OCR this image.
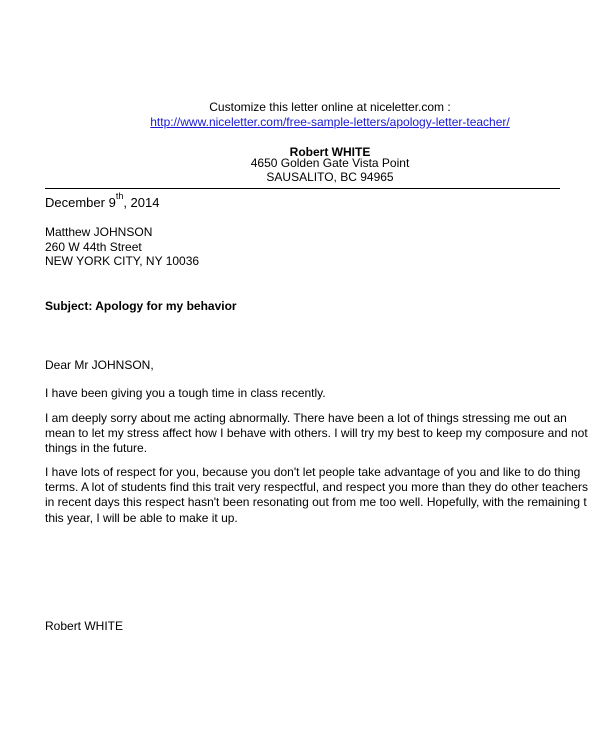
Customize this letter online at niceletter.com :
http://www.niceletter.com/free-sample-letters/apology-letter-teacher/
Robert WHITE
4650 Golden Gate Vista Point
SAUSALITO, BC 94965
December 9th, 2014
Matthew JOHNSON
260 W 44th Street
NEW YORK CITY, NY 10036
Subject: Apology for my behavior
Dear Mr JOHNSON,
I have been giving you a tough time in class recently.
I am deeply sorry about me acting abnormally. There have been a lot of things stressing me out an
mean to let my stress affect how I behave with others. I will try my best to keep my composure and not
things in the future.
I have lots of respect for you, because you don't let people take advantage of you and like to do thing
terms. A lot of students find this trait very respectful, and respect you more than they do other teachers
in recent days this respect hasn't been resonating out from me too well. Hopefully, with the remaining t
this year, I will be able to make it up.
Robert WHITE
